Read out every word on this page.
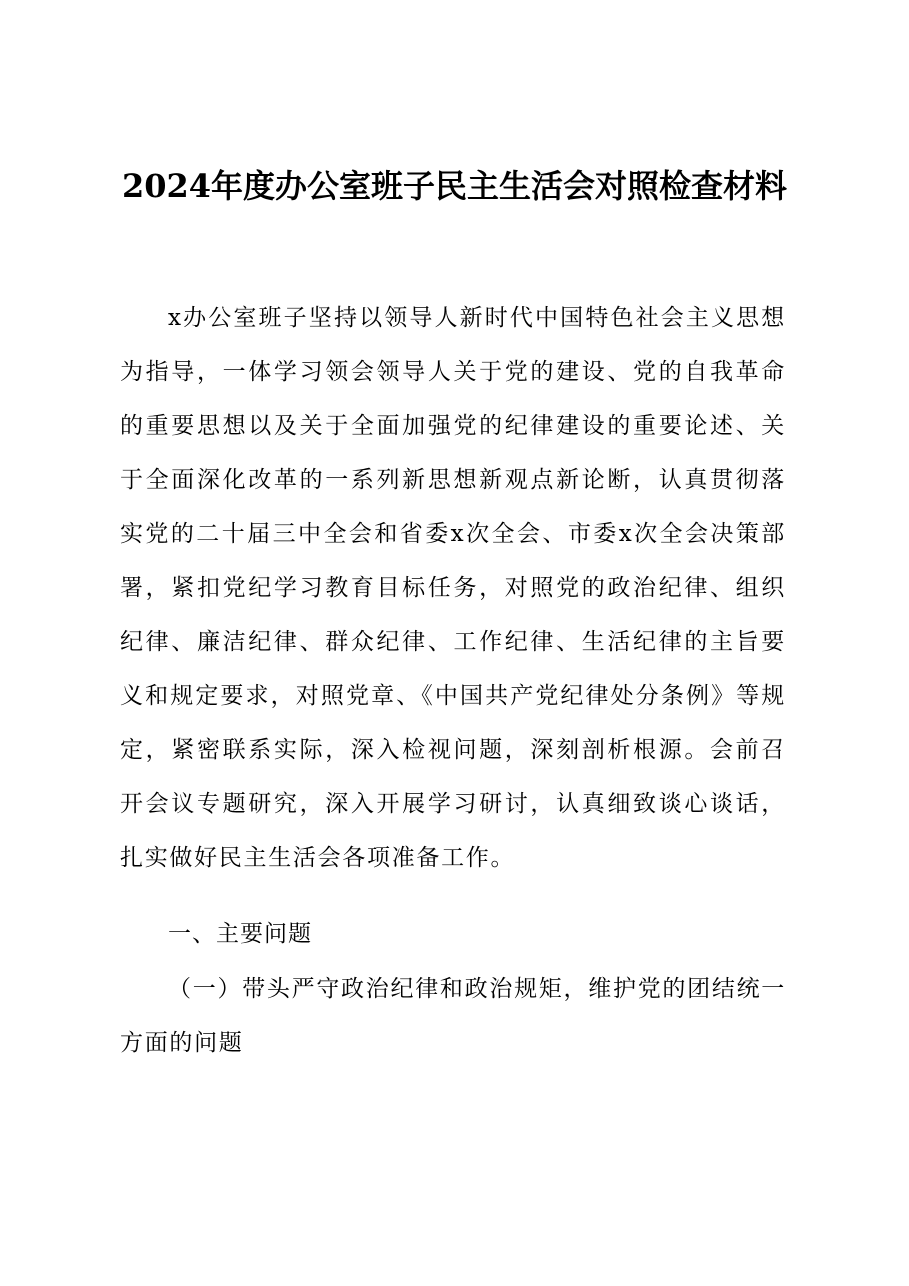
2024年度办公室班子民主生活会对照检查材料

x办公室班子坚持以领导人新时代中国特色社会主义思想为指导，一体学习领会领导人关于党的建设、党的自我革命的重要思想以及关于全面加强党的纪律建设的重要论述、关于全面深化改革的一系列新思想新观点新论断，认真贯彻落实党的二十届三中全会和省委x次全会、市委x次全会决策部署，紧扣党纪学习教育目标任务，对照党的政治纪律、组织纪律、廉洁纪律、群众纪律、工作纪律、生活纪律的主旨要义和规定要求，对照党章、《中国共产党纪律处分条例》等规定，紧密联系实际，深入检视问题，深刻剖析根源。会前召开会议专题研究，深入开展学习研讨，认真细致谈心谈话，扎实做好民主生活会各项准备工作。

一、主要问题

（一）带头严守政治纪律和政治规矩，维护党的团结统一方面的问题
